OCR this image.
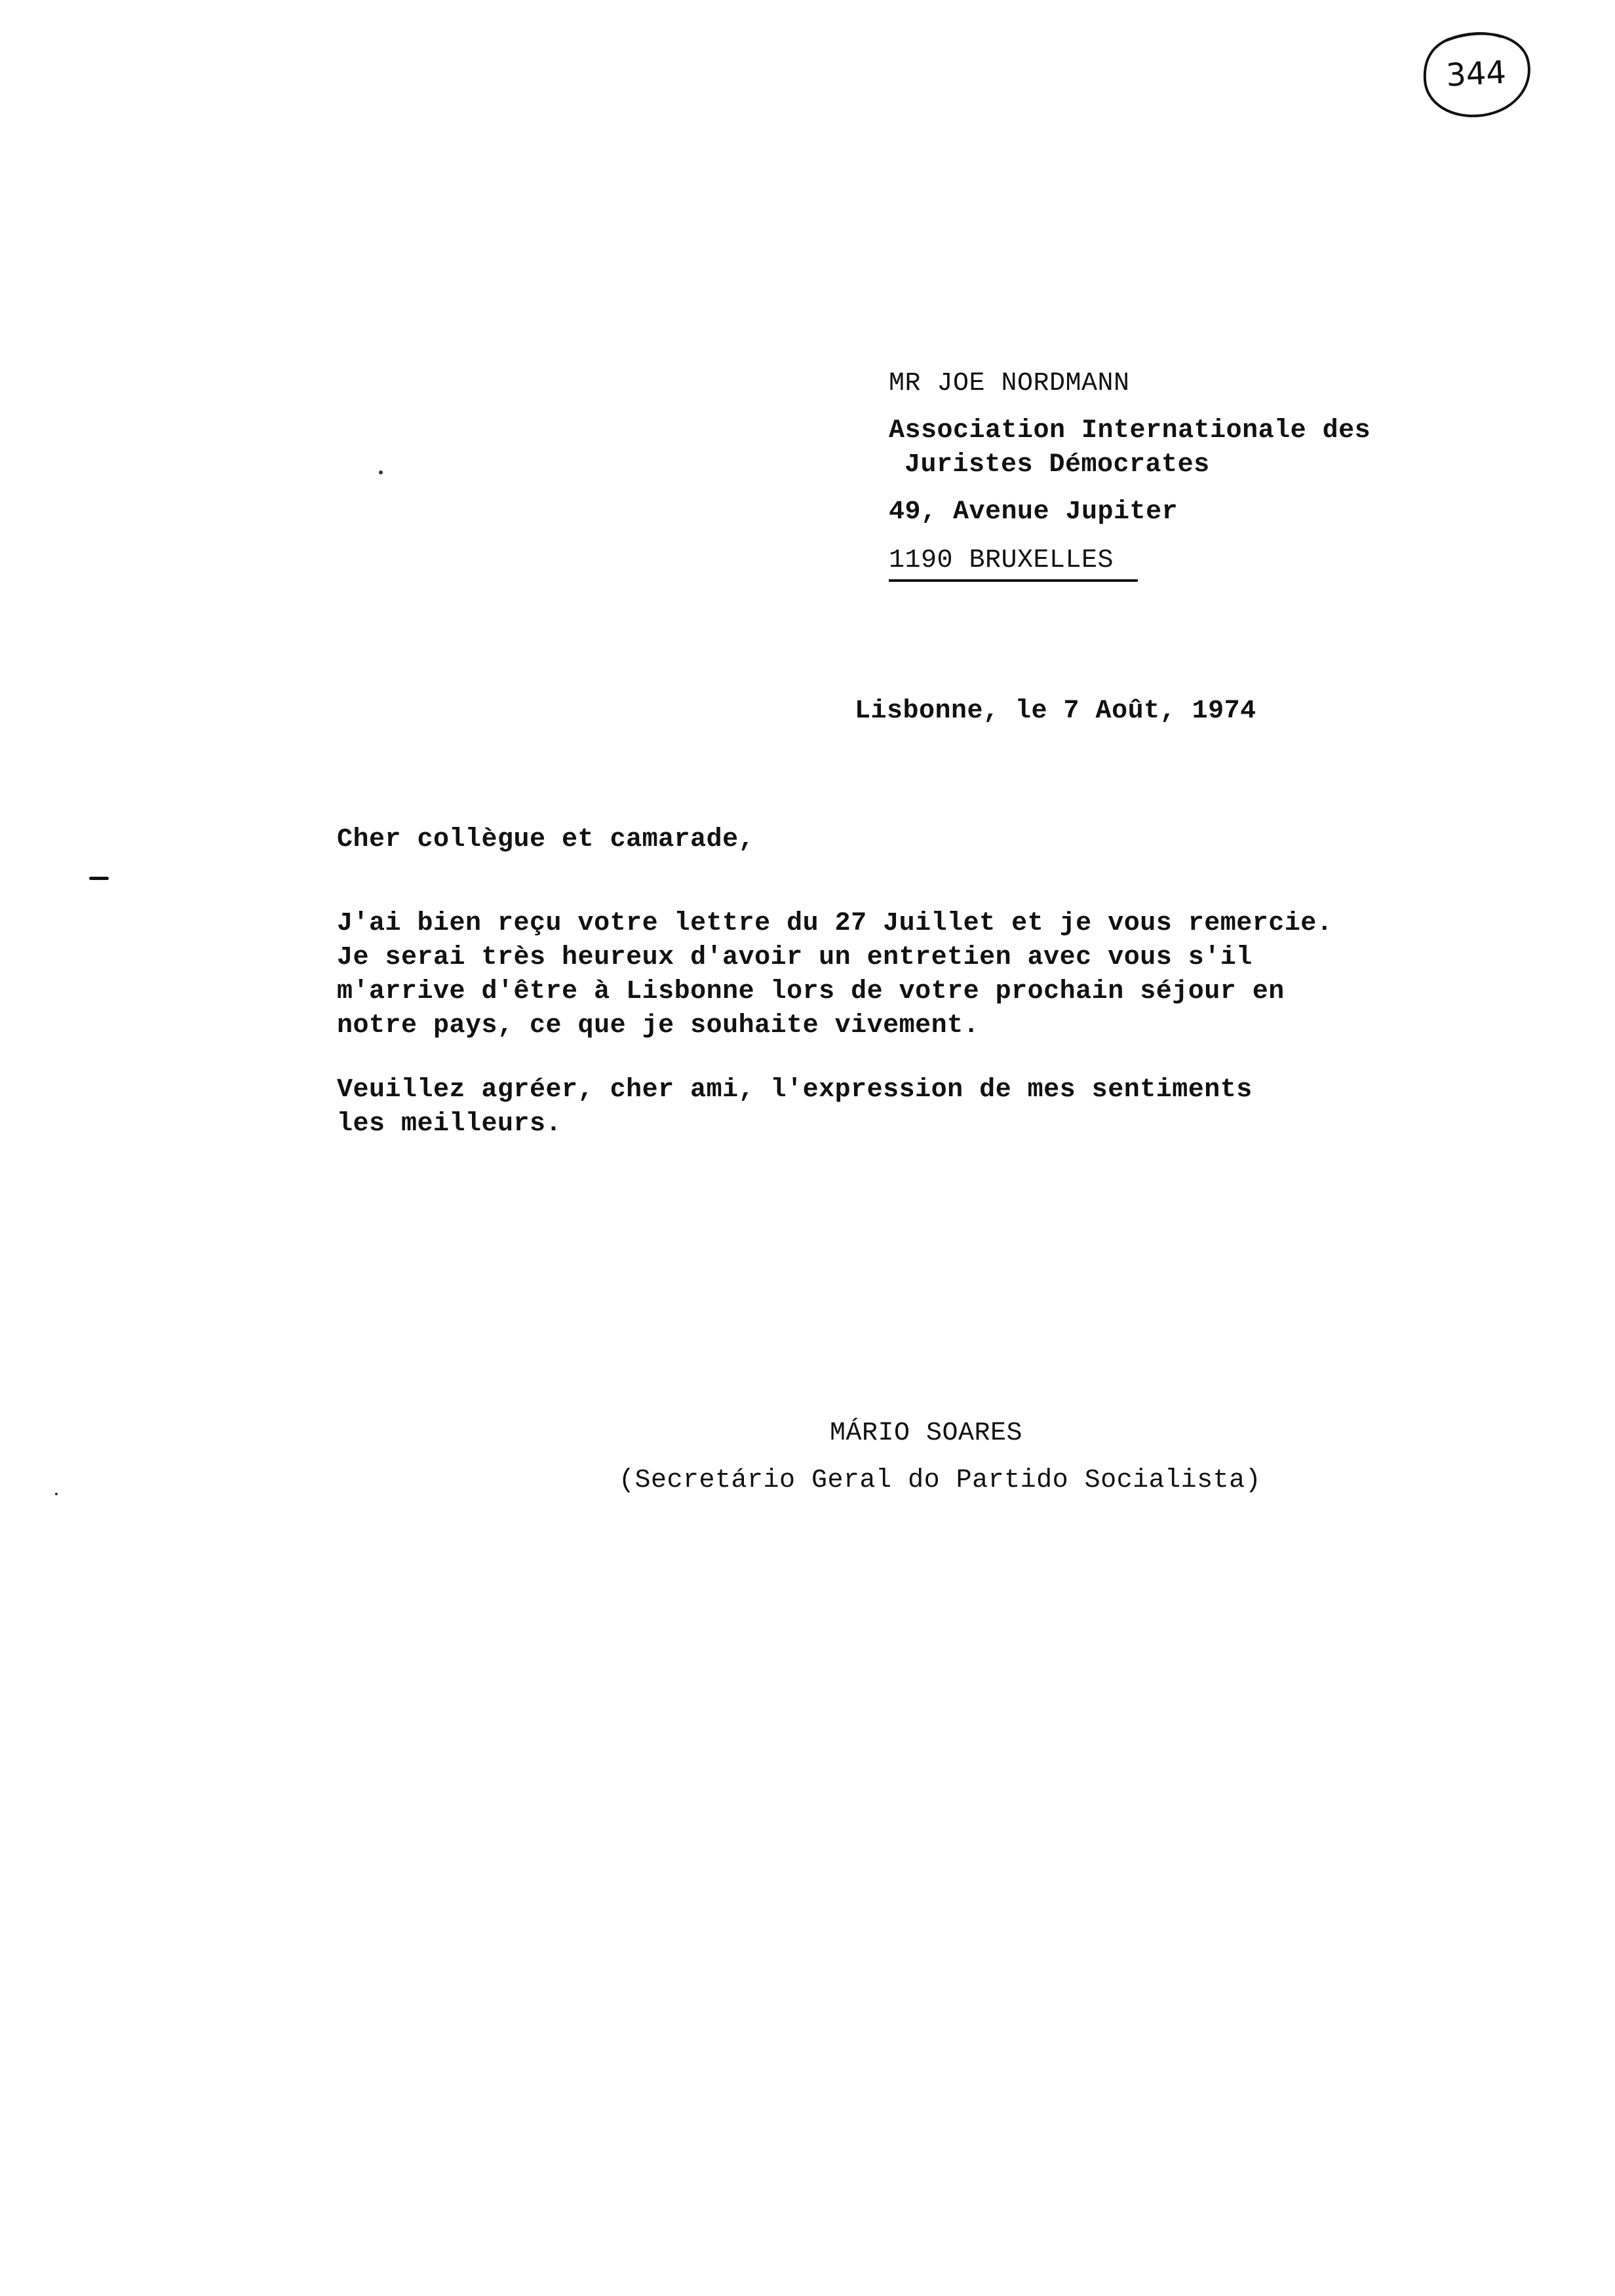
344
MR JOE NORDMANN
Association Internationale des
Juristes Démocrates
49, Avenue Jupiter
1190 BRUXELLES
Lisbonne, le 7 Août, 1974
Cher collègue et camarade,
J'ai bien reçu votre lettre du 27 Juillet et je vous remercie.
Je serai très heureux d'avoir un entretien avec vous s'il
m'arrive d'être à Lisbonne lors de votre prochain séjour en
notre pays, ce que je souhaite vivement.
Veuillez agréer, cher ami, l'expression de mes sentiments
les meilleurs.
MÁRIO SOARES
(Secretário Geral do Partido Socialista)
